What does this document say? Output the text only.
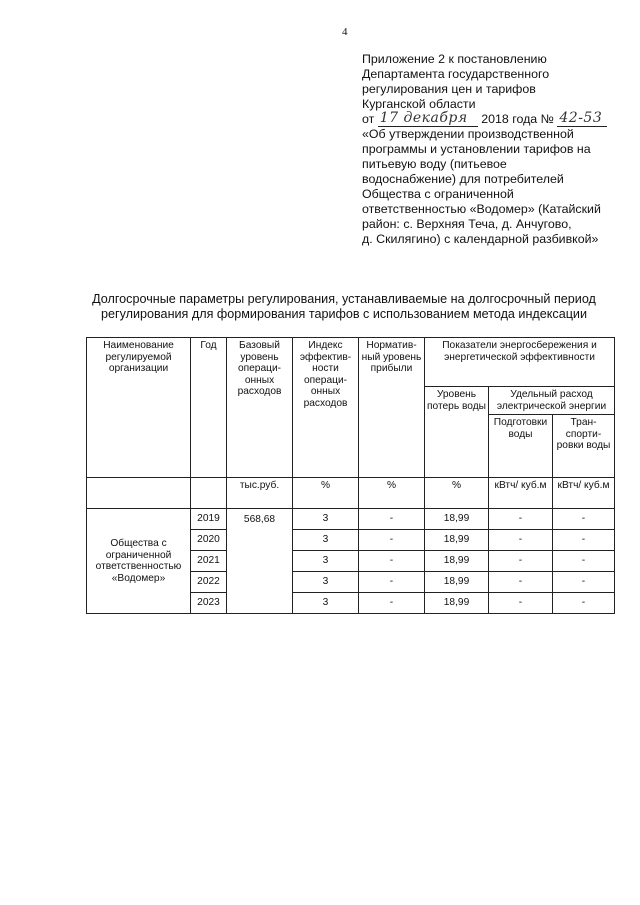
4
Приложение 2 к постановлению
Департамента государственного
регулирования цен и тарифов
Курганской области
от 17 декабря 2018 года № 42-53
«Об утверждении производственной
программы и установлении тарифов на
питьевую воду (питьевое
водоснабжение) для потребителей
Общества с ограниченной
ответственностью «Водомер» (Катайский
район: с. Верхняя Теча, д. Анчугово,
д. Скилягино) с календарной разбивкой»
Долгосрочные параметры регулирования, устанавливаемые на долгосрочный период
регулирования для формирования тарифов с использованием метода индексации
Наименование регулируемой организации	Год	Базовый уровень операци-онных расходов	Индекс эффектив-ности операци-онных расходов	Норматив-ный уровень прибыли	Показатели энергосбережения и энергетической эффективности		
					Уровень потерь воды	Удельный расход электрической энергии	
						Подготовки воды	Тран-спорти-ровки воды
		тыс.руб.	%	%	%	кВтч/ куб.м	кВтч/ куб.м
Общества с ограниченной ответственностью «Водомер»	2019	568,68	3	-	18,99	-	-
	2020		3	-	18,99	-	-
	2021		3	-	18,99	-	-
	2022		3	-	18,99	-	-
	2023		3	-	18,99	-	-
